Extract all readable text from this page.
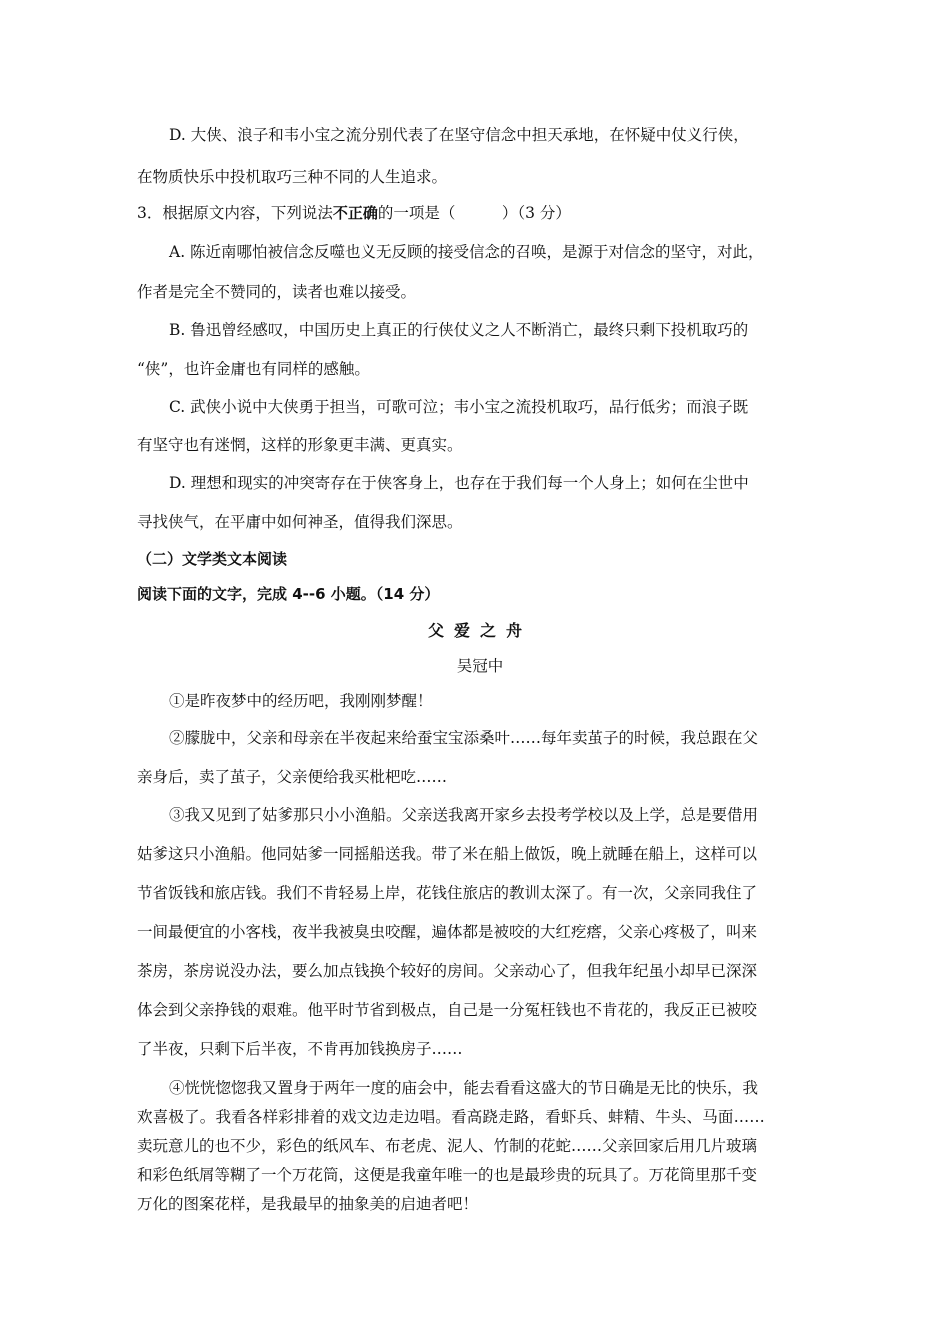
D. 大侠、浪子和韦小宝之流分别代表了在坚守信念中担天承地，在怀疑中仗义行侠，

在物质快乐中投机取巧三种不同的人生追求。

3．根据原文内容，下列说法不正确的一项是（　　　）（3 分）

A. 陈近南哪怕被信念反噬也义无反顾的接受信念的召唤，是源于对信念的坚守，对此，

作者是完全不赞同的，读者也难以接受。

B. 鲁迅曾经感叹，中国历史上真正的行侠仗义之人不断消亡，最终只剩下投机取巧的

“侠”，也许金庸也有同样的感触。

C. 武侠小说中大侠勇于担当，可歌可泣；韦小宝之流投机取巧，品行低劣；而浪子既

有坚守也有迷惘，这样的形象更丰满、更真实。

D. 理想和现实的冲突寄存在于侠客身上，也存在于我们每一个人身上；如何在尘世中

寻找侠气，在平庸中如何神圣，值得我们深思。

（二）文学类文本阅读

阅读下面的文字，完成 4--6 小题。（14 分）

父爱之舟

吴冠中

①是昨夜梦中的经历吧，我刚刚梦醒！

②朦胧中，父亲和母亲在半夜起来给蚕宝宝添桑叶……每年卖茧子的时候，我总跟在父

亲身后，卖了茧子，父亲便给我买枇杷吃……

③我又见到了姑爹那只小小渔船。父亲送我离开家乡去投考学校以及上学，总是要借用

姑爹这只小渔船。他同姑爹一同摇船送我。带了米在船上做饭，晚上就睡在船上，这样可以

节省饭钱和旅店钱。我们不肯轻易上岸，花钱住旅店的教训太深了。有一次，父亲同我住了

一间最便宜的小客栈，夜半我被臭虫咬醒，遍体都是被咬的大红疙瘩，父亲心疼极了，叫来

茶房，茶房说没办法，要么加点钱换个较好的房间。父亲动心了，但我年纪虽小却早已深深

体会到父亲挣钱的艰难。他平时节省到极点，自己是一分冤枉钱也不肯花的，我反正已被咬

了半夜，只剩下后半夜，不肯再加钱换房子……

④恍恍惚惚我又置身于两年一度的庙会中，能去看看这盛大的节日确是无比的快乐，我

欢喜极了。我看各样彩排着的戏文边走边唱。看高跷走路，看虾兵、蚌精、牛头、马面……

卖玩意儿的也不少，彩色的纸风车、布老虎、泥人、竹制的花蛇……父亲回家后用几片玻璃

和彩色纸屑等糊了一个万花筒，这便是我童年唯一的也是最珍贵的玩具了。万花筒里那千变

万化的图案花样，是我最早的抽象美的启迪者吧！
